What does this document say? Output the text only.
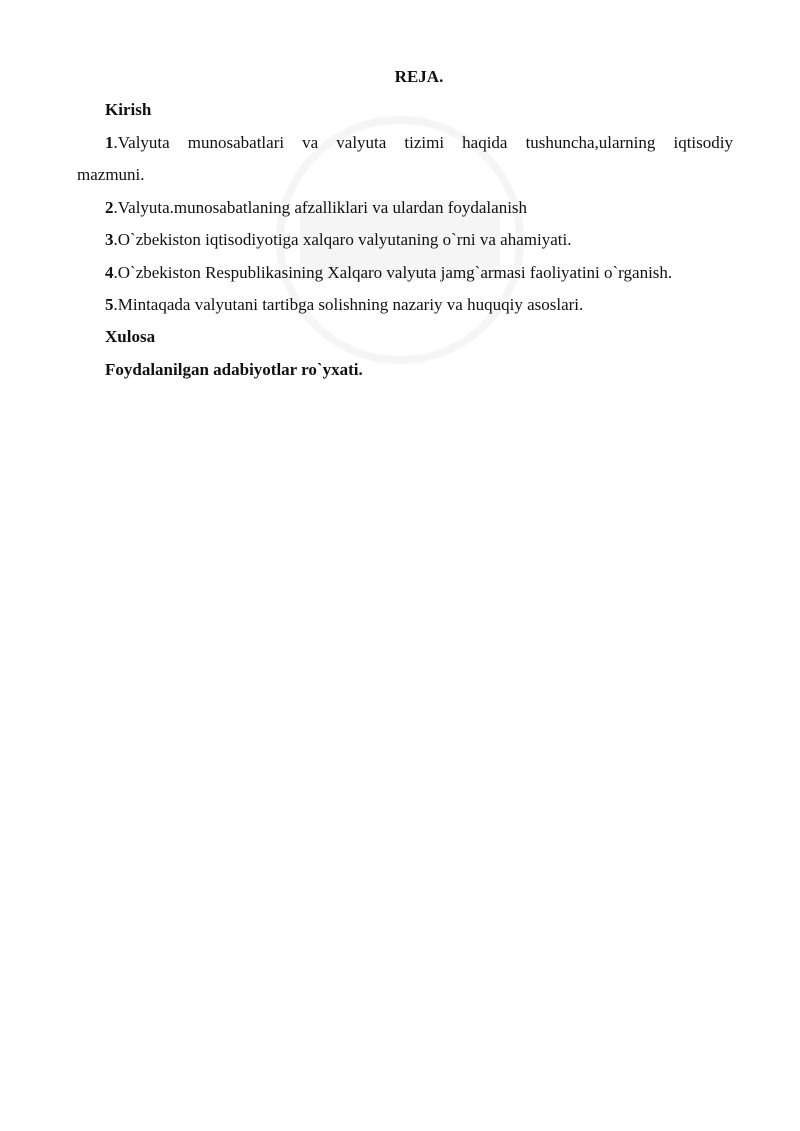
REJA.
Kirish
1.Valyuta munosabatlari va valyuta tizimi haqida tushuncha,ularning iqtisodiy
mazmuni.
2.Valyuta.munosabatlaning afzalliklari va ulardan foydalanish
3.O`zbekiston iqtisodiyotiga xalqaro valyutaning o`rni va ahamiyati.
4.O`zbekiston Respublikasining Xalqaro valyuta jamg`armasi faoliyatini o`rganish.
5.Mintaqada valyutani tartibga solishning nazariy va huquqiy asoslari.
Xulosa
Foydalanilgan adabiyotlar ro`yxati.
